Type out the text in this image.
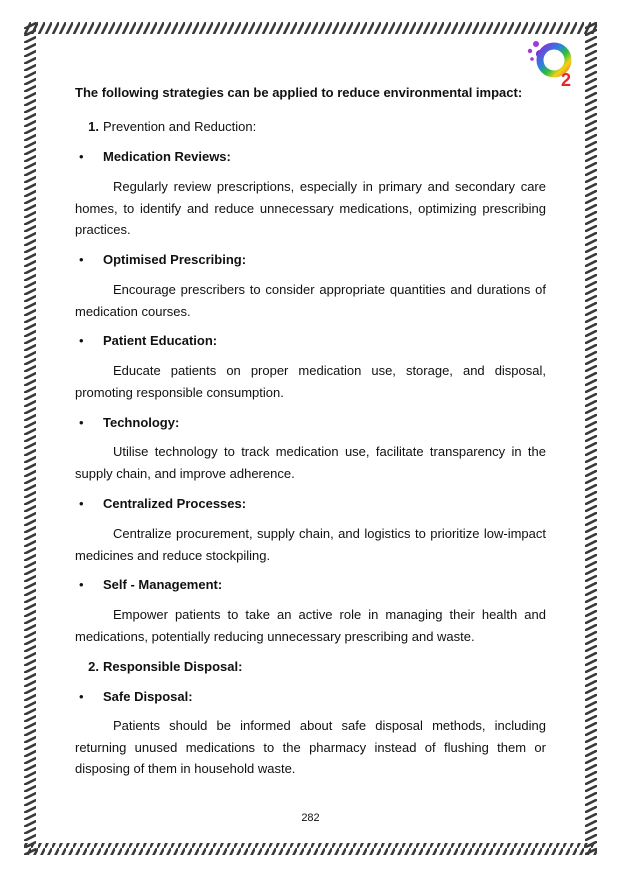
2
The following strategies can be applied to reduce environmental impact:
1. Prevention and Reduction:
•	Medication Reviews:
Regularly review prescriptions, especially in primary and secondary care homes, to identify and reduce unnecessary medications, optimizing prescribing practices.
•	Optimised Prescribing:
Encourage prescribers to consider appropriate quantities and durations of medication courses.
•	Patient Education:
Educate patients on proper medication use, storage, and disposal, promoting responsible consumption.
•	Technology:
Utilise technology to track medication use, facilitate transparency in the supply chain, and improve adherence.
•	Centralized Processes:
Centralize procurement, supply chain, and logistics to prioritize low-impact medicines and reduce stockpiling.
•	Self - Management:
Empower patients to take an active role in managing their health and medications, potentially reducing unnecessary prescribing and waste.
2. Responsible Disposal:
•	Safe Disposal:
Patients should be informed about safe disposal methods, including returning unused medications to the pharmacy instead of flushing them or disposing of them in household waste.
282
